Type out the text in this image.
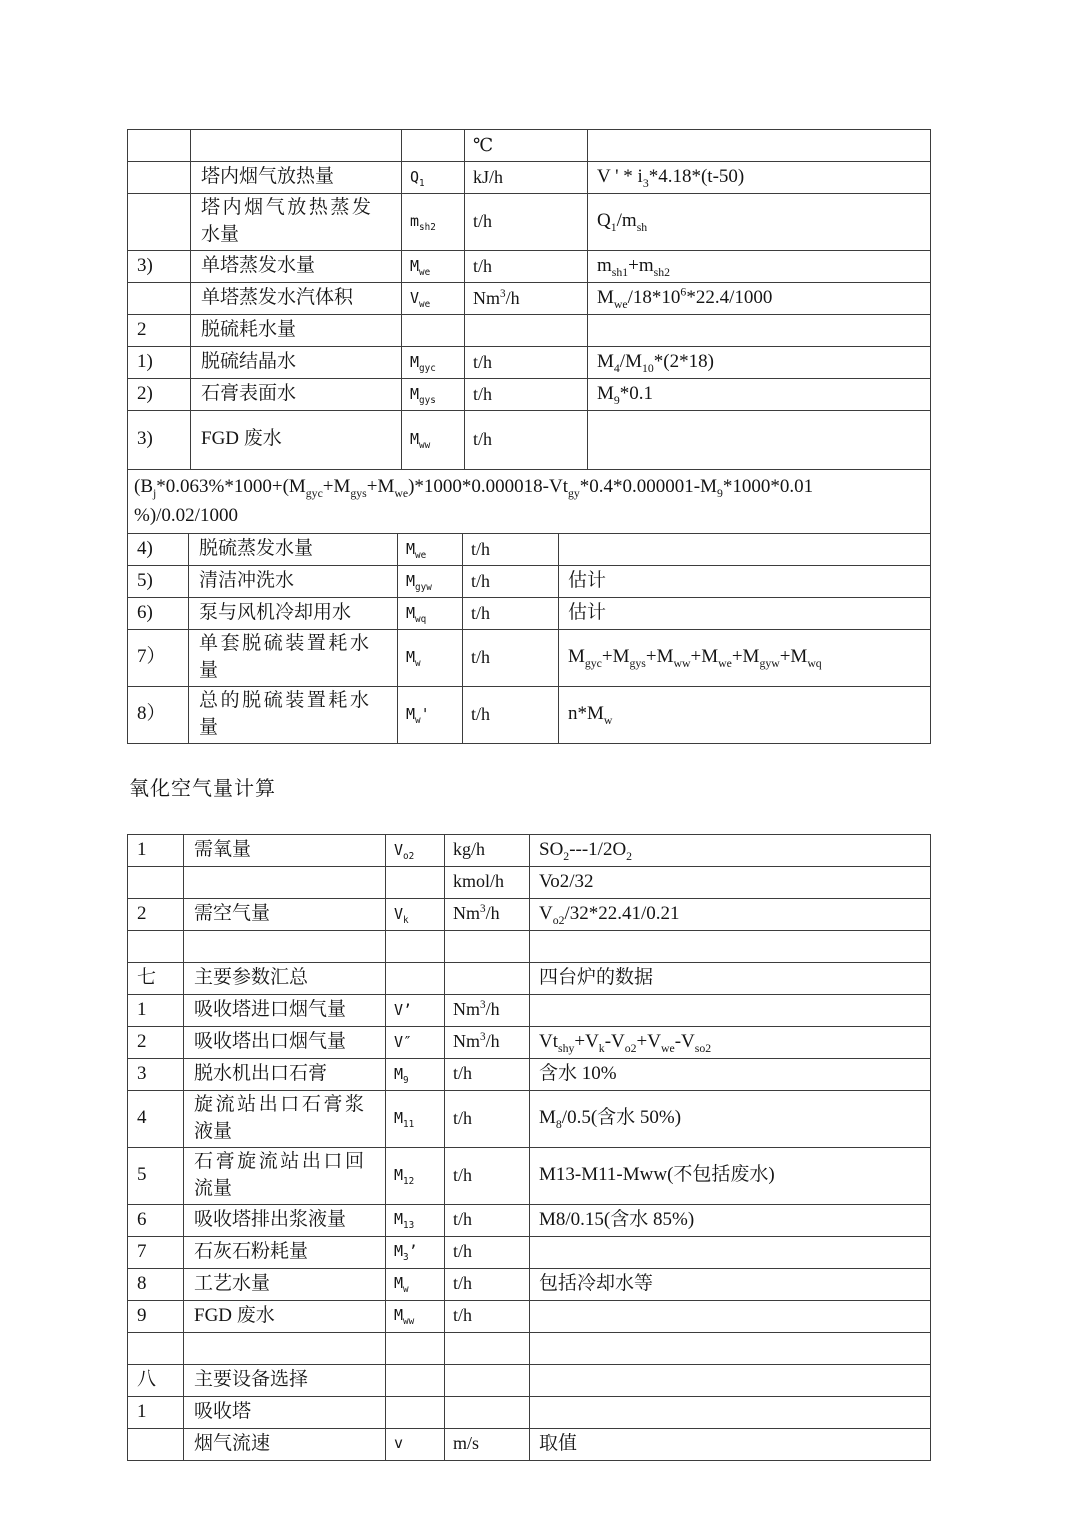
			℃	
	塔内烟气放热量	$Q_1$	kJ/h	V ' * $i_3*4.18*(t-50)$
	塔内烟气放热蒸发水量	$m_{sh2}$	t/h	$Q_1/m_{sh}$
3)	单塔蒸发水量	$M_{we}$	t/h	$m_{sh1}+m_{sh2}$
	单塔蒸发水汽体积	$V_{we}$	Nm$^3$/h	$M_{we}/18*10^6*22.4/1000$
2	脱硫耗水量			
1)	脱硫结晶水	$M_{gyc}$	t/h	$M_4/M_{10}*(2*18)$
2)	石膏表面水	$M_{gys}$	t/h	$M_9*0.1$
3)	FGD 废水	$M_{ww}$	t/h	
($B_j*0.063\%*1000+(M_{gyc}+M_{gys}+M_{we})*1000*0.000018-Vt_{gy}*0.4*0.000001-M_9*1000*0.01$
%)/0.02/1000
4)	脱硫蒸发水量	$M_{we}$	t/h	
5)	清洁冲洗水	$M_{gyw}$	t/h	估计
6)	泵与风机冷却用水	$M_{wq}$	t/h	估计
7）	单套脱硫装置耗水量	$M_w$	t/h	$M_{gyc}+M_{gys}+M_{ww}+M_{we}+M_{gyw}+M_{wq}$
8）	总的脱硫装置耗水量	$M_w'$	t/h	$n*M_w$

氧化空气量计算

1	需氧量	$V_{o2}$	kg/h	$SO_2---1/2O_2$
			kmol/h	Vo2/32
2	需空气量	$V_k$	Nm$^3$/h	$V_{o2}/32*22.41/0.21$

七	主要参数汇总			四台炉的数据
1	吸收塔进口烟气量	V’	Nm$^3$/h	
2	吸收塔出口烟气量	V″	Nm$^3$/h	$Vt_{shy}+V_k-V_{o2}+V_{we}-V_{so2}$
3	脱水机出口石膏	$M_9$	t/h	含水 10%
4	旋流站出口石膏浆液量	$M_{11}$	t/h	$M_8/0.5$(含水 50%)
5	石膏旋流站出口回流量	$M_{12}$	t/h	M13-M11-Mww(不包括废水)
6	吸收塔排出浆液量	$M_{13}$	t/h	M8/0.15(含水 85%)
7	石灰石粉耗量	$M_3$’	t/h	
8	工艺水量	$M_w$	t/h	包括冷却水等
9	FGD 废水	$M_{ww}$	t/h	

八	主要设备选择			
1	吸收塔			
	烟气流速	v	m/s	取值
